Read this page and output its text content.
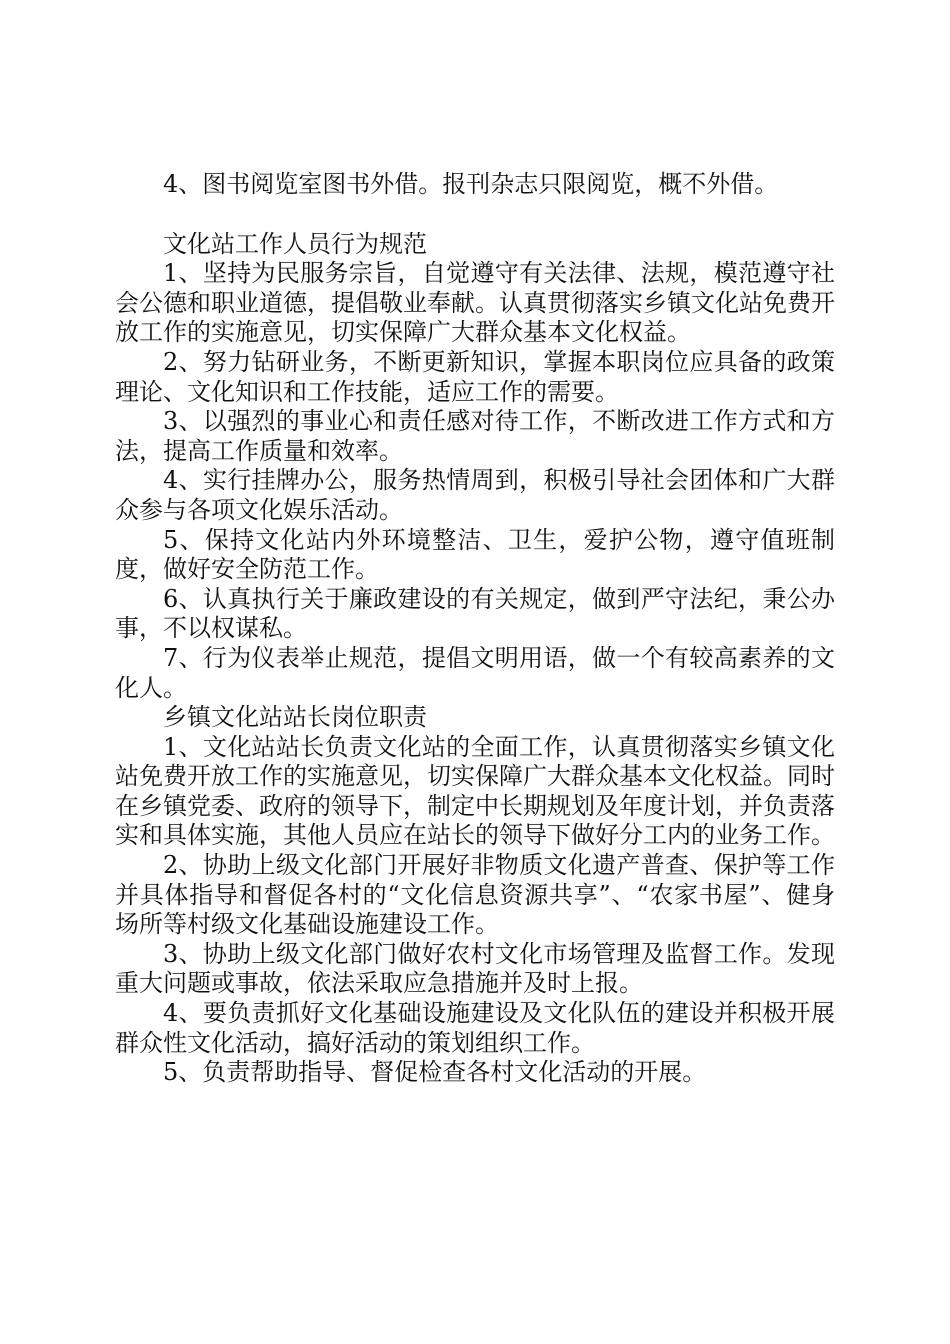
4、图书阅览室图书外借。报刊杂志只限阅览，概不外借。

文化站工作人员行为规范

1、坚持为民服务宗旨，自觉遵守有关法律、法规，模范遵守社会公德和职业道德，提倡敬业奉献。认真贯彻落实乡镇文化站免费开放工作的实施意见，切实保障广大群众基本文化权益。

2、努力钻研业务，不断更新知识，掌握本职岗位应具备的政策理论、文化知识和工作技能，适应工作的需要。

3、以强烈的事业心和责任感对待工作，不断改进工作方式和方法，提高工作质量和效率。

4、实行挂牌办公，服务热情周到，积极引导社会团体和广大群众参与各项文化娱乐活动。

5、保持文化站内外环境整洁、卫生，爱护公物，遵守值班制度，做好安全防范工作。

6、认真执行关于廉政建设的有关规定，做到严守法纪，秉公办事，不以权谋私。

7、行为仪表举止规范，提倡文明用语，做一个有较高素养的文化人。

乡镇文化站站长岗位职责

1、文化站站长负责文化站的全面工作，认真贯彻落实乡镇文化站免费开放工作的实施意见，切实保障广大群众基本文化权益。同时在乡镇党委、政府的领导下，制定中长期规划及年度计划，并负责落实和具体实施，其他人员应在站长的领导下做好分工内的业务工作。

2、协助上级文化部门开展好非物质文化遗产普查、保护等工作并具体指导和督促各村的“文化信息资源共享”、“农家书屋”、健身场所等村级文化基础设施建设工作。

3、协助上级文化部门做好农村文化市场管理及监督工作。发现重大问题或事故，依法采取应急措施并及时上报。

4、要负责抓好文化基础设施建设及文化队伍的建设并积极开展群众性文化活动，搞好活动的策划组织工作。

5、负责帮助指导、督促检查各村文化活动的开展。
